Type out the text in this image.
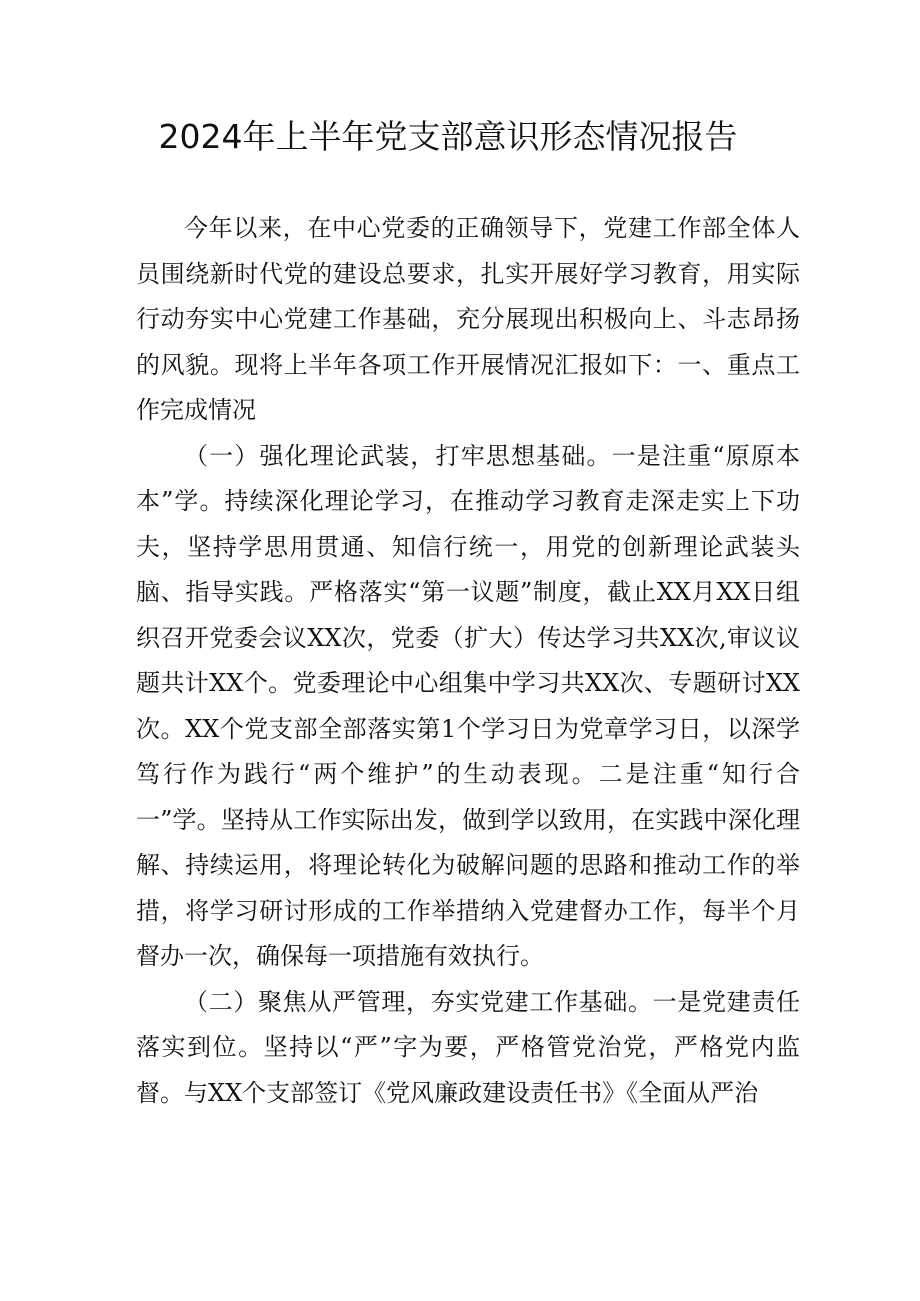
2024年上半年党支部意识形态情况报告

今年以来，在中心党委的正确领导下，党建工作部全体人员围绕新时代党的建设总要求，扎实开展好学习教育，用实际行动夯实中心党建工作基础，充分展现出积极向上、斗志昂扬的风貌。现将上半年各项工作开展情况汇报如下：一、重点工作完成情况

（一）强化理论武装，打牢思想基础。一是注重“原原本本”学。持续深化理论学习，在推动学习教育走深走实上下功夫，坚持学思用贯通、知信行统一，用党的创新理论武装头脑、指导实践。严格落实“第一议题”制度，截止XX月XX日组织召开党委会议XX次，党委（扩大）传达学习共XX次,审议议题共计XX个。党委理论中心组集中学习共XX次、专题研讨XX次。XX个党支部全部落实第1个学习日为党章学习日，以深学笃行作为践行“两个维护”的生动表现。二是注重“知行合一”学。坚持从工作实际出发，做到学以致用，在实践中深化理解、持续运用，将理论转化为破解问题的思路和推动工作的举措，将学习研讨形成的工作举措纳入党建督办工作，每半个月督办一次，确保每一项措施有效执行。

（二）聚焦从严管理，夯实党建工作基础。一是党建责任落实到位。坚持以“严”字为要，严格管党治党，严格党内监督。与XX个支部签订《党风廉政建设责任书》《全面从严治
